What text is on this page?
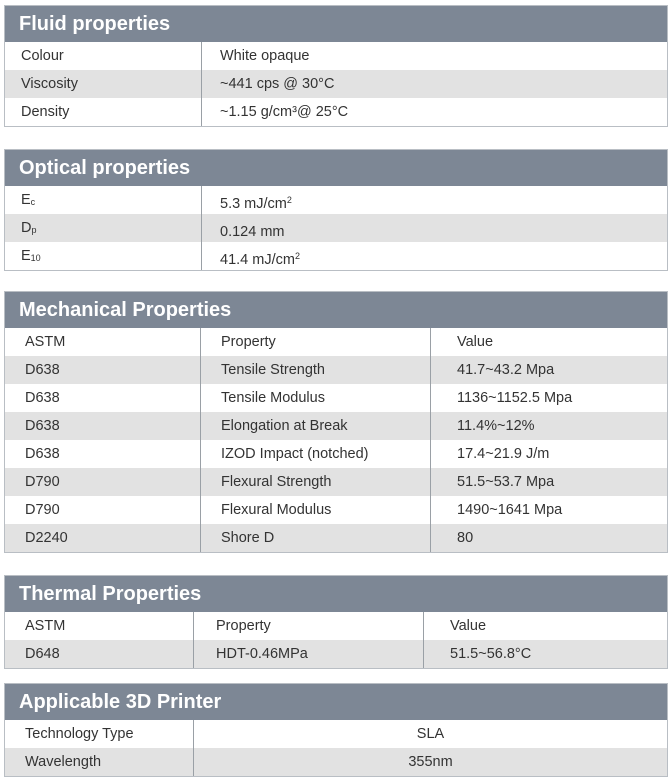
Fluid properties
Colour	White opaque
Viscosity	~441 cps @ 30°C
Density	~1.15 g/cm³@ 25°C
Optical properties
$E_c$	5.3 $mJ/cm^2$
$D_p$	0.124 mm
$E_{10}$	41.4 $mJ/cm^2$
Mechanical Properties
ASTM	Property	Value
D638	Tensile Strength	41.7~43.2 Mpa
D638	Tensile Modulus	1136~1152.5 Mpa
D638	Elongation at Break	11.4%~12%
D638	IZOD Impact (notched)	17.4~21.9 J/m
D790	Flexural Strength	51.5~53.7 Mpa
D790	Flexural Modulus	1490~1641 Mpa
D2240	Shore D	80
Thermal Properties
ASTM	Property	Value
D648	HDT-0.46MPa	51.5~56.8°C
Applicable 3D Printer
Technology Type	SLA
Wavelength	355nm
